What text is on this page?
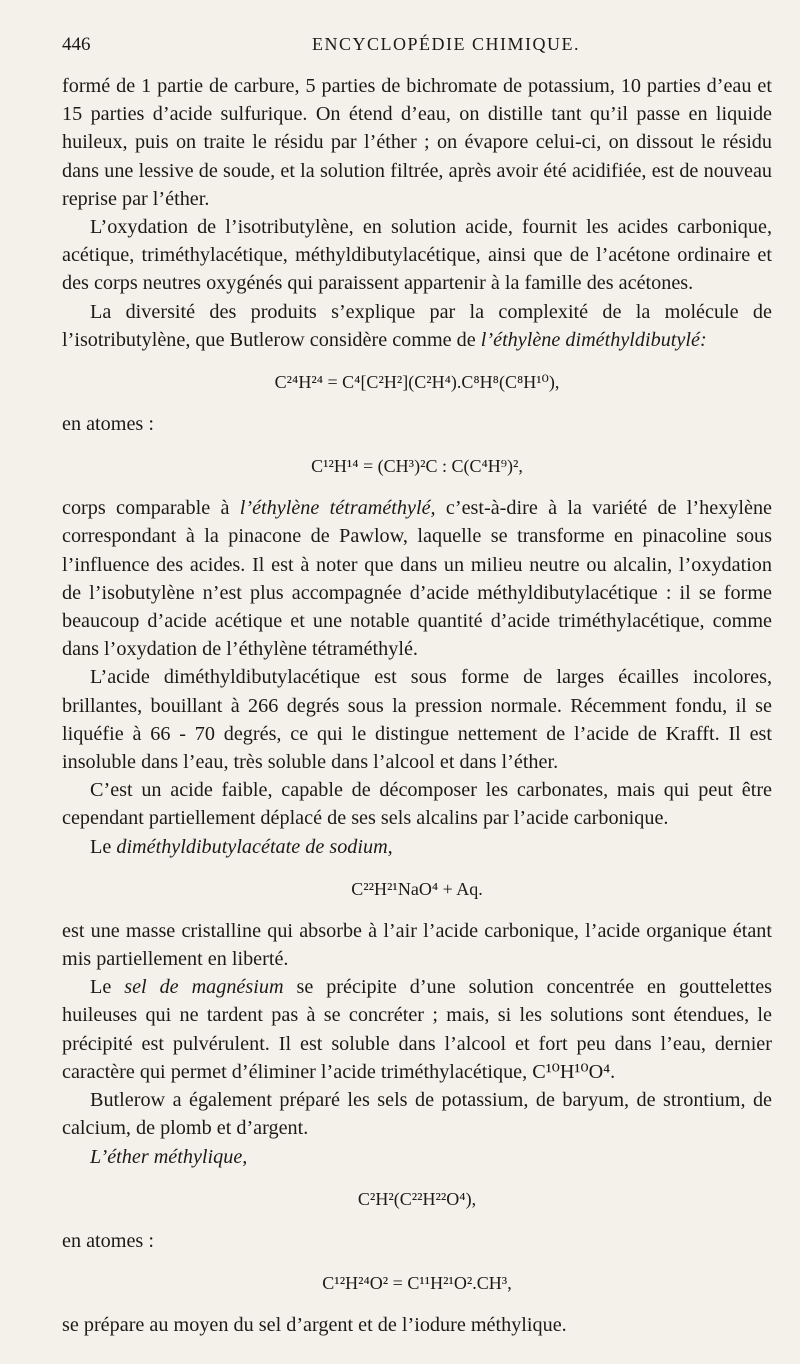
446	ENCYCLOPÉDIE CHIMIQUE.

formé de 1 partie de carbure, 5 parties de bichromate de potassium, 10 parties d’eau et 15 parties d’acide sulfurique. On étend d’eau, on distille tant qu’il passe en liquide huileux, puis on traite le résidu par l’éther ; on évapore celui-ci, on dissout le résidu dans une lessive de soude, et la solution filtrée, après avoir été acidifiée, est de nouveau reprise par l’éther.

L’oxydation de l’isotributylène, en solution acide, fournit les acides carbonique, acétique, triméthylacétique, méthyldibutylacétique, ainsi que de l’acétone ordinaire et des corps neutres oxygénés qui paraissent appartenir à la famille des acétones.

La diversité des produits s’explique par la complexité de la molécule de l’isotributylène, que Butlerow considère comme de l’éthylène diméthyldibutylé:

C²⁴H²⁴ = C⁴[C²H²](C²H⁴).C⁸H⁸(C⁸H¹⁰),

en atomes :

C¹²H¹⁴ = (CH³)²C : C(C⁴H⁹)²,

corps comparable à l’éthylène tétraméthylé, c’est-à-dire à la variété de l’hexylène correspondant à la pinacone de Pawlow, laquelle se transforme en pinacoline sous l’influence des acides. Il est à noter que dans un milieu neutre ou alcalin, l’oxydation de l’isobutylène n’est plus accompagnée d’acide méthyldibutylacétique : il se forme beaucoup d’acide acétique et une notable quantité d’acide triméthylacétique, comme dans l’oxydation de l’éthylène tétraméthylé.

L’acide diméthyldibutylacétique est sous forme de larges écailles incolores, brillantes, bouillant à 266 degrés sous la pression normale. Récemment fondu, il se liquéfie à 66 - 70 degrés, ce qui le distingue nettement de l’acide de Krafft. Il est insoluble dans l’eau, très soluble dans l’alcool et dans l’éther.

C’est un acide faible, capable de décomposer les carbonates, mais qui peut être cependant partiellement déplacé de ses sels alcalins par l’acide carbonique.

Le diméthyldibutylacétate de sodium,

C²²H²¹NaO⁴ + Aq.

est une masse cristalline qui absorbe à l’air l’acide carbonique, l’acide organique étant mis partiellement en liberté.

Le sel de magnésium se précipite d’une solution concentrée en gouttelettes huileuses qui ne tardent pas à se concréter ; mais, si les solutions sont étendues, le précipité est pulvérulent. Il est soluble dans l’alcool et fort peu dans l’eau, dernier caractère qui permet d’éliminer l’acide triméthylacétique, C¹⁰H¹⁰O⁴.

Butlerow a également préparé les sels de potassium, de baryum, de strontium, de calcium, de plomb et d’argent.

L’éther méthylique,

C²H²(C²²H²²O⁴),

en atomes :

C¹²H²⁴O² = C¹¹H²¹O².CH³,

se prépare au moyen du sel d’argent et de l’iodure méthylique.
